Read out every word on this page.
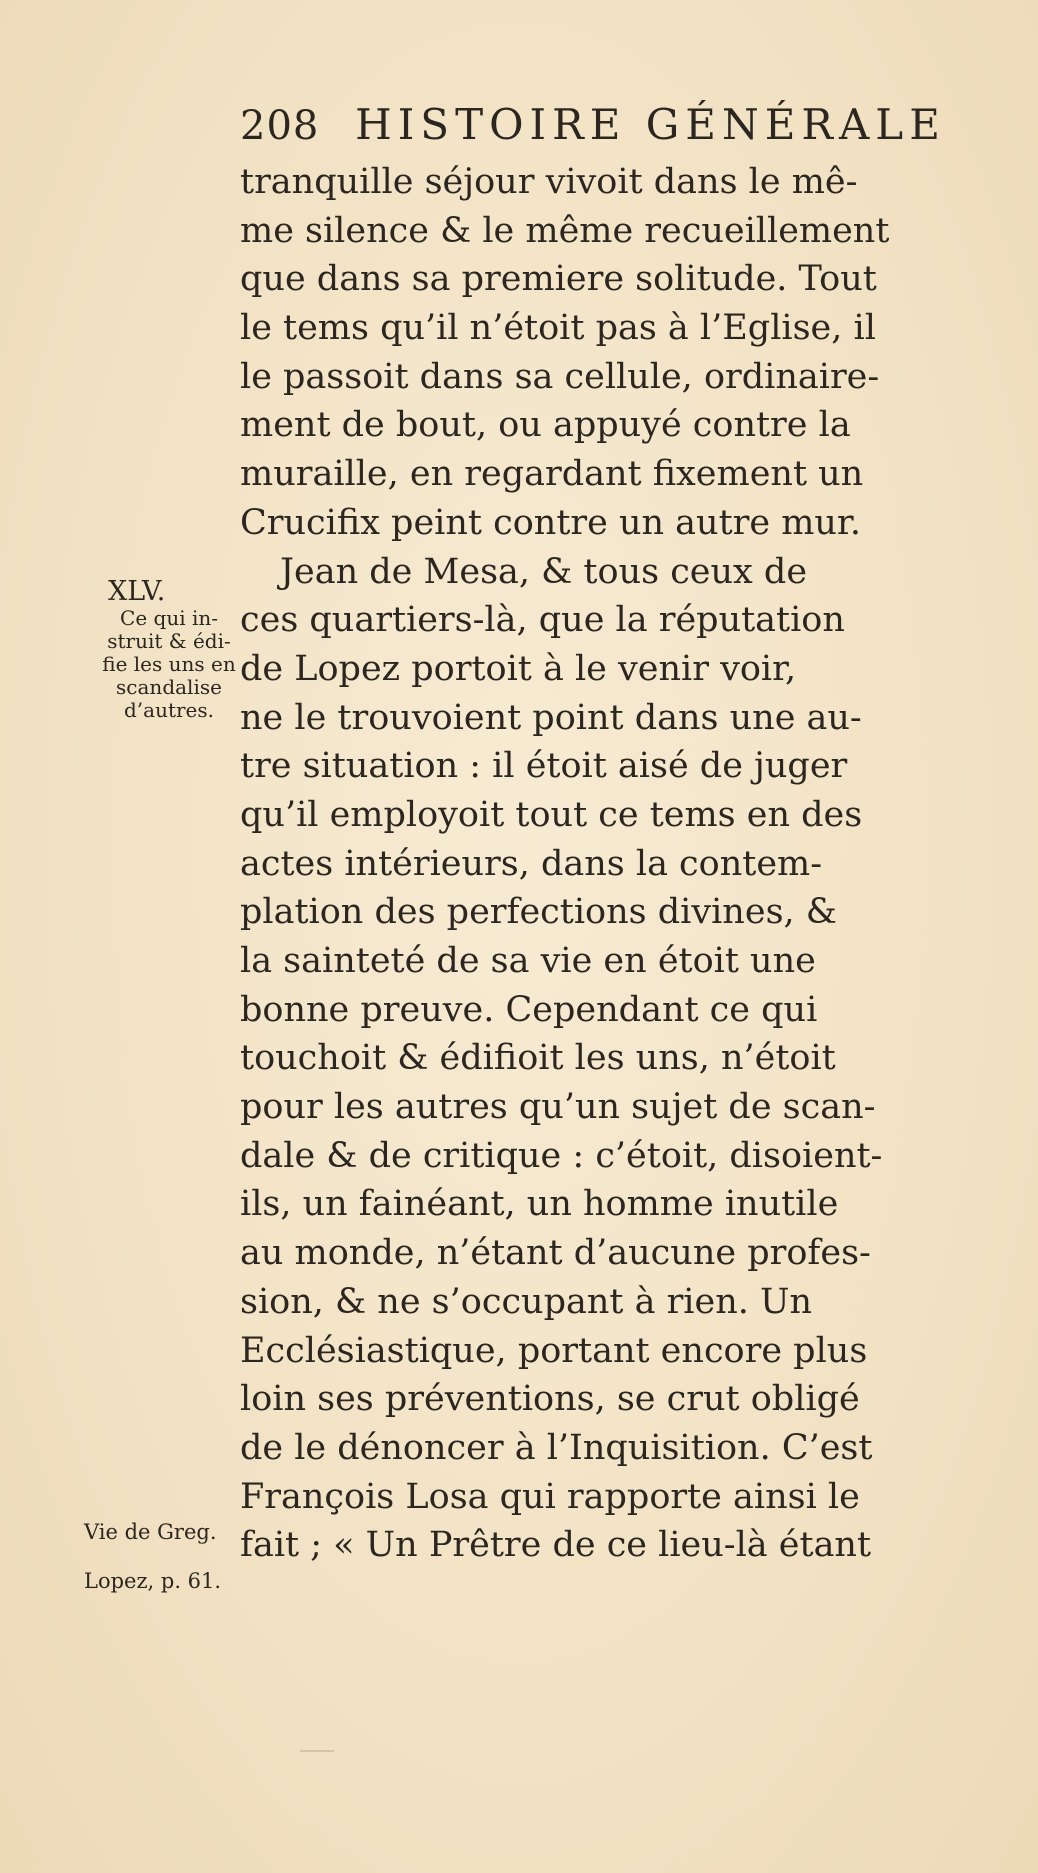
208 HISTOIRE GÉNÉRALE
tranquille séjour vivoit dans le mê-
me silence & le même recueillement
que dans sa premiere solitude. Tout
le tems qu’il n’étoit pas à l’Eglise, il
le passoit dans sa cellule, ordinaire-
ment de bout, ou appuyé contre la
muraille, en regardant fixement un
Crucifix peint contre un autre mur.
Jean de Mesa, & tous ceux de
ces quartiers-là, que la réputation
de Lopez portoit à le venir voir,
ne le trouvoient point dans une au-
tre situation : il étoit aisé de juger
qu’il employoit tout ce tems en des
actes intérieurs, dans la contem-
plation des perfections divines, &
la sainteté de sa vie en étoit une
bonne preuve. Cependant ce qui
touchoit & édifioit les uns, n’étoit
pour les autres qu’un sujet de scan-
dale & de critique : c’étoit, disoient-
ils, un fainéant, un homme inutile
au monde, n’étant d’aucune profes-
sion, & ne s’occupant à rien. Un
Ecclésiastique, portant encore plus
loin ses préventions, se crut obligé
de le dénoncer à l’Inquisition. C’est
François Losa qui rapporte ainsi le
fait ; « Un Prêtre de ce lieu-là étant
XLV.
Ce qui in-
struit & édi-
fie les uns en
scandalise
d’autres.
Vie de Greg.
Lopez, p. 61.
